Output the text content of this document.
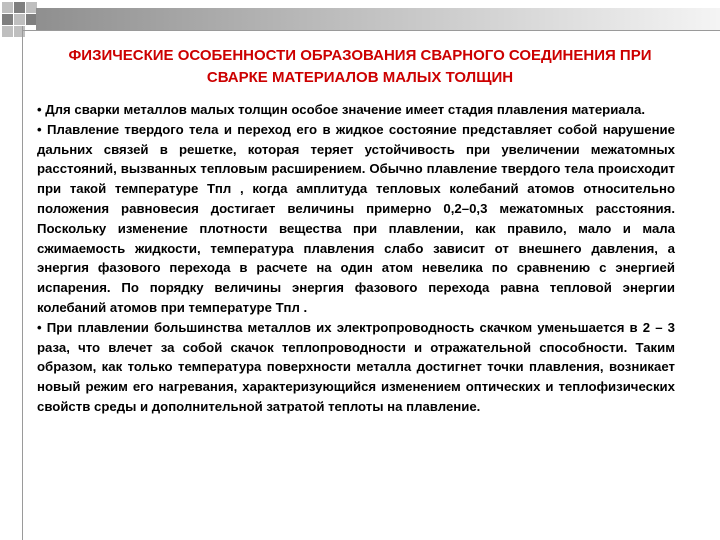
ФИЗИЧЕСКИЕ ОСОБЕННОСТИ ОБРАЗОВАНИЯ СВАРНОГО СОЕДИНЕНИЯ ПРИ
СВАРКЕ МАТЕРИАЛОВ МАЛЫХ ТОЛЩИН

• Для сварки металлов малых толщин особое значение имеет стадия плавления материала.

• Плавление твердого тела и переход его в жидкое состояние представляет собой нарушение дальних связей в решетке, которая теряет устойчивость при увеличении межатомных расстояний, вызванных тепловым расширением. Обычно плавление твердого тела происходит при такой температуре Тпл , когда амплитуда тепловых колебаний атомов относительно положения равновесия достигает величины примерно 0,2–0,3 межатомных расстояния. Поскольку изменение плотности вещества при плавлении, как правило, мало и мала сжимаемость жидкости, температура плавления слабо зависит от внешнего давления, а энергия фазового перехода в расчете на один атом невелика по сравнению с энергией испарения. По порядку величины энергия фазового перехода равна тепловой энергии колебаний атомов при температуре Тпл .

• При плавлении большинства металлов их электропроводность скачком уменьшается в 2 – 3 раза, что влечет за собой скачок теплопроводности и отражательной способности. Таким образом, как только температура поверхности металла достигнет точки плавления, возникает новый режим его нагревания, характеризующийся изменением оптических и теплофизических свойств среды и дополнительной затратой теплоты на плавление.
